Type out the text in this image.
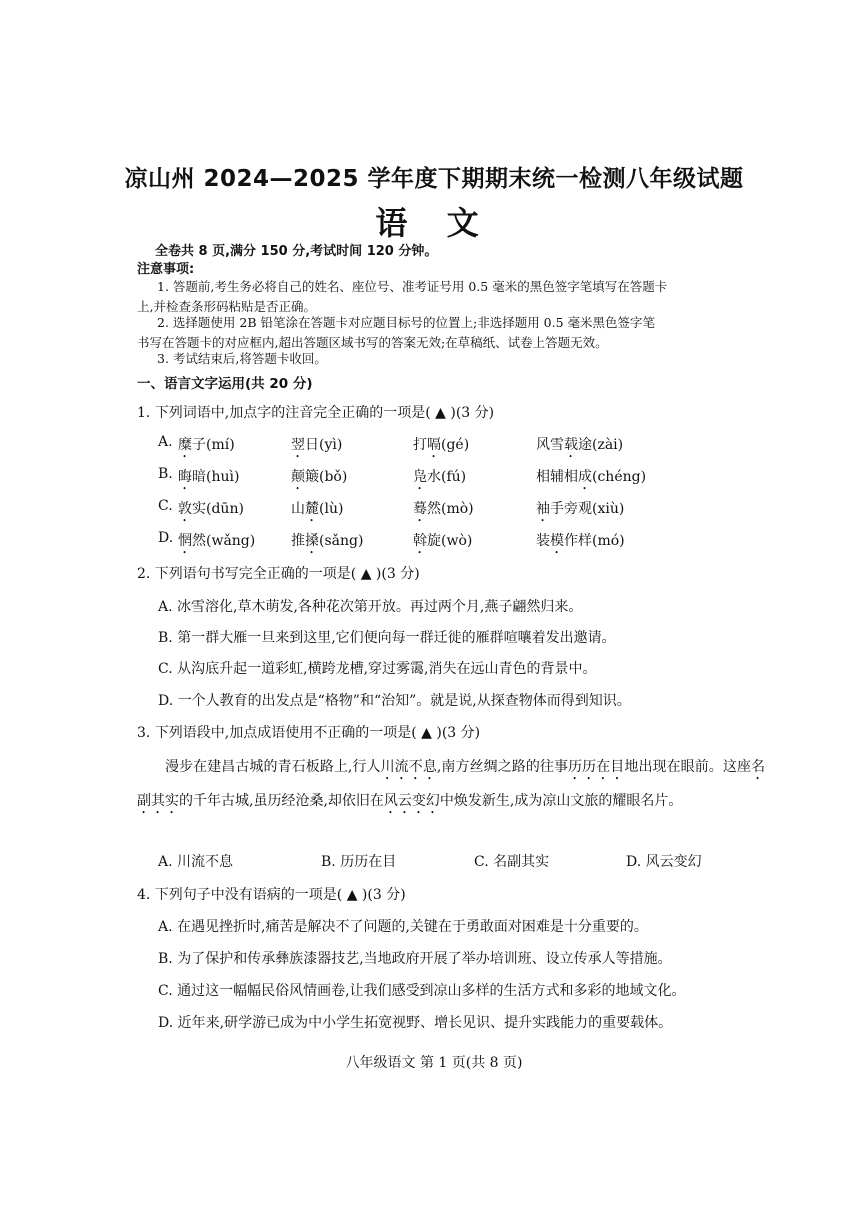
凉山州 2024—2025 学年度下期期末统一检测八年级试题
语 文
全卷共 8 页,满分 150 分,考试时间 120 分钟。
注意事项:
1. 答题前,考生务必将自己的姓名、座位号、准考证号用 0.5 毫米的黑色签字笔填写在答题卡
上,并检查条形码粘贴是否正确。
2. 选择题使用 2B 铅笔涂在答题卡对应题目标号的位置上;非选择题用 0.5 毫米黑色签字笔
书写在答题卡的对应框内,超出答题区域书写的答案无效;在草稿纸、试卷上答题无效。
3. 考试结束后,将答题卡收回。
一、语言文字运用(共 20 分)
1. 下列词语中,加点字的注音完全正确的一项是( ▲ )(3 分)
A. 糜子(mí)	翌日(yì)	打嗝(gé)	风雪载途(zài)
B. 晦暗(huì)	颠簸(bǒ)	凫水(fú)	相辅相成(chéng)
C. 敦实(dūn)	山麓(lù)	蓦然(mò)	袖手旁观(xiù)
D. 惘然(wǎng)	推搡(sǎng)	斡旋(wò)	装模作样(mó)
2. 下列语句书写完全正确的一项是( ▲ )(3 分)
A. 冰雪溶化,草木萌发,各种花次第开放。再过两个月,燕子翩然归来。
B. 第一群大雁一旦来到这里,它们便向每一群迁徙的雁群喧嚷着发出邀请。
C. 从沟底升起一道彩虹,横跨龙槽,穿过雾霭,消失在远山青色的背景中。
D. 一个人教育的出发点是“格物”和“治知”。就是说,从探查物体而得到知识。
3. 下列语段中,加点成语使用不正确的一项是( ▲ )(3 分)
漫步在建昌古城的青石板路上,行人川流不息,南方丝绸之路的往事历历在目地出现在眼前。这座名副其实的千年古城,虽历经沧桑,却依旧在风云变幻中焕发新生,成为凉山文旅的耀眼名片。
A. 川流不息	B. 历历在目	C. 名副其实	D. 风云变幻
4. 下列句子中没有语病的一项是( ▲ )(3 分)
A. 在遇见挫折时,痛苦是解决不了问题的,关键在于勇敢面对困难是十分重要的。
B. 为了保护和传承彝族漆器技艺,当地政府开展了举办培训班、设立传承人等措施。
C. 通过这一幅幅民俗风情画卷,让我们感受到凉山多样的生活方式和多彩的地域文化。
D. 近年来,研学游已成为中小学生拓宽视野、增长见识、提升实践能力的重要载体。
八年级语文 第 1 页(共 8 页)
